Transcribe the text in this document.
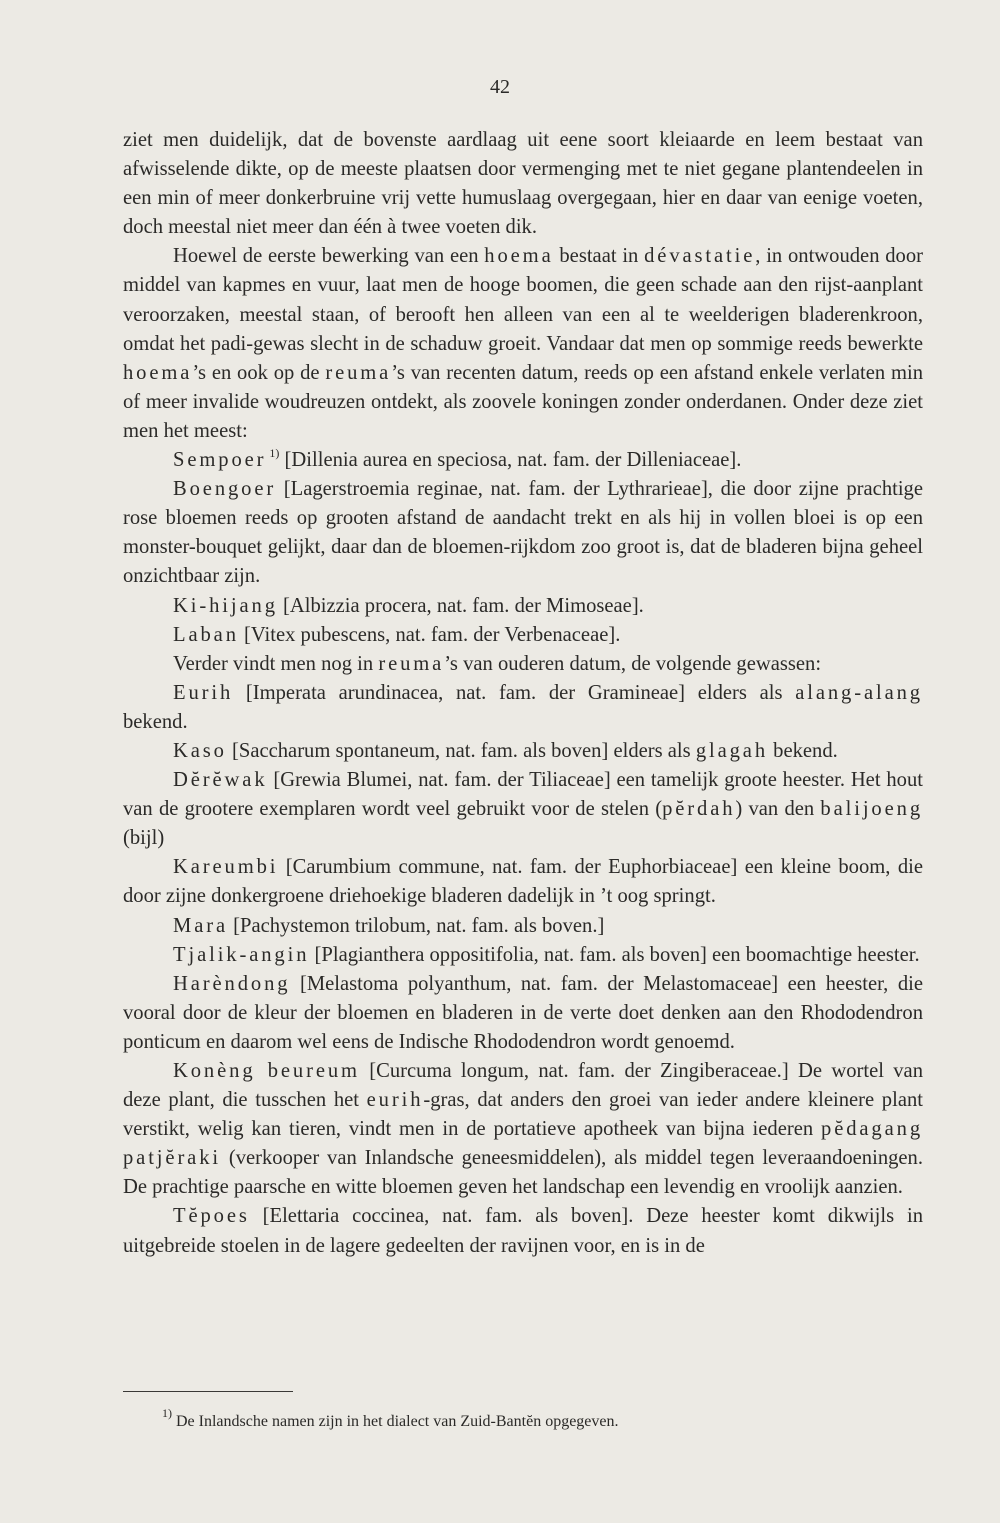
42

ziet men duidelijk, dat de bovenste aardlaag uit eene soort kleiaarde en leem bestaat van afwisselende dikte, op de meeste plaatsen door vermenging met te niet gegane plantendeelen in een min of meer donkerbruine vrij vette humuslaag overgegaan, hier en daar van eenige voeten, doch meestal niet meer dan één à twee voeten dik.

Hoewel de eerste bewerking van een hoema bestaat in dévastatie, in ontwouden door middel van kapmes en vuur, laat men de hooge boomen, die geen schade aan den rijst-aanplant veroorzaken, meestal staan, of berooft hen alleen van een al te weelderigen bladerenkroon, omdat het padi-gewas slecht in de schaduw groeit. Vandaar dat men op sommige reeds bewerkte hoema’s en ook op de reuma’s van recenten datum, reeds op een afstand enkele verlaten min of meer invalide woudreuzen ontdekt, als zoovele koningen zonder onderdanen. Onder deze ziet men het meest:

Sempoer $^{1)}$ [Dillenia aurea en speciosa, nat. fam. der Dilleniaceae].

Boengoer [Lagerstroemia reginae, nat. fam. der Lythrarieae], die door zijne prachtige rose bloemen reeds op grooten afstand de aandacht trekt en als hij in vollen bloei is op een monster-bouquet gelijkt, daar dan de bloemen-rijkdom zoo groot is, dat de bladeren bijna geheel onzichtbaar zijn.

Ki-hijang [Albizzia procera, nat. fam. der Mimoseae].

Laban [Vitex pubescens, nat. fam. der Verbenaceae].

Verder vindt men nog in reuma’s van ouderen datum, de volgende gewassen:

Eurih [Imperata arundinacea, nat. fam. der Gramineae] elders als alang-alang bekend.

Kaso [Saccharum spontaneum, nat. fam. als boven] elders als glagah bekend.

Dĕrĕwak [Grewia Blumei, nat. fam. der Tiliaceae] een tamelijk groote heester. Het hout van de grootere exemplaren wordt veel gebruikt voor de stelen (pĕrdah) van den balijoeng (bijl)

Kareumbi [Carumbium commune, nat. fam. der Euphorbiaceae] een kleine boom, die door zijne donkergroene driehoekige bladeren dadelijk in ’t oog springt.

Mara [Pachystemon trilobum, nat. fam. als boven.]

Tjalik-angin [Plagianthera oppositifolia, nat. fam. als boven] een boomachtige heester.

Harèndong [Melastoma polyanthum, nat. fam. der Melastomaceae] een heester, die vooral door de kleur der bloemen en bladeren in de verte doet denken aan den Rhododendron ponticum en daarom wel eens de Indische Rhododendron wordt genoemd.

Konèng beureum [Curcuma longum, nat. fam. der Zingiberaceae.] De wortel van deze plant, die tusschen het eurih-gras, dat anders den groei van ieder andere kleinere plant verstikt, welig kan tieren, vindt men in de portatieve apotheek van bijna iederen pĕdagang patjĕraki (verkooper van Inlandsche geneesmiddelen), als middel tegen leveraandoeningen. De prachtige paarsche en witte bloemen geven het landschap een levendig en vroolijk aanzien.

Tĕpoes [Elettaria coccinea, nat. fam. als boven]. Deze heester komt dikwijls in uitgebreide stoelen in de lagere gedeelten der ravijnen voor, en is in de

$^{1)}$ De Inlandsche namen zijn in het dialect van Zuid-Bantĕn opgegeven.
